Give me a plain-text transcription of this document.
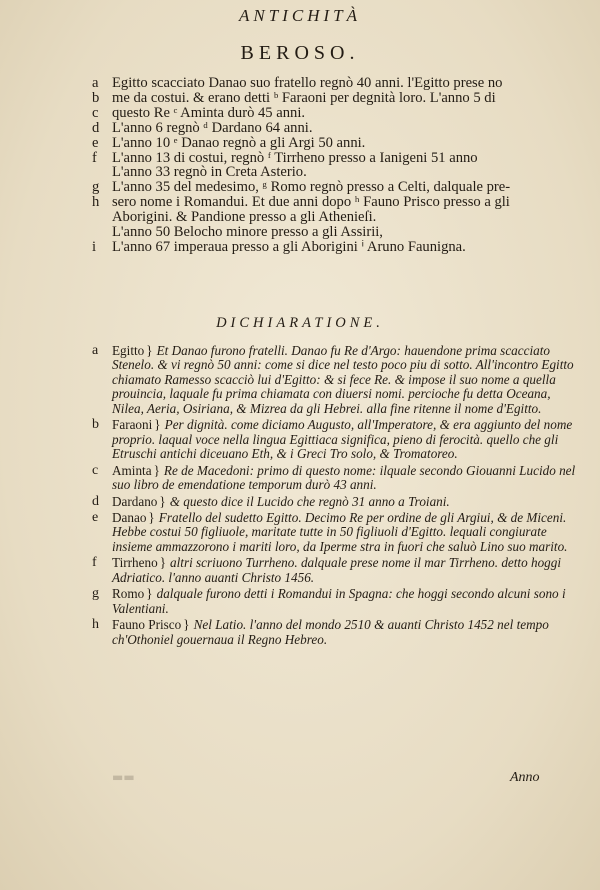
ANTICHITÀ
BEROSO.
a Egitto scacciato Danao suo fratello regnò 40 anni. l'Egitto prese no
b me da costui. & erano detti ᵇ Faraoni per degnità loro. L'anno 5 di
c questo Re ᶜ Aminta durò 45 anni.
d L'anno 6 regnò ᵈ Dardano 64 anni.
e L'anno 10 ᵉ Danao regnò a gli Argi 50 anni.
f	L'anno 13 di costui, regnò ᶠ Tirrheno presso a Ianigeni 51 anno
L'anno 33 regnò in Creta Asterio.
g L'anno 35 del medesimo, ᵍ Romo regnò presso a Celti, dalquale pre-
h sero nome i Romandui. Et due anni dopo ʰ Fauno Prisco presso a gli
Aborigini. & Pandione presso a gli Athenieſi.
L'anno 50 Belocho minore presso a gli Assirii,
i	L'anno 67 imperaua presso a gli Aborigini ⁱ Aruno Faunigna.
DICHIARATIONE.
a	Egitto } Et Danao furono fratelli. Danao fu Re d'Argo: hauendone prima scacciato Stenelo. & vi regnò 50 anni: come si dice nel testo poco piu di sotto. All'incontro Egitto chiamato Ramesso scacciò lui d'Egitto: & si fece Re. & impose il suo nome a quella prouincia, laquale fu prima chiamata con diuersi nomi. percioche fu detta Oceana, Nilea, Aeria, Osiriana, & Mizrea da gli Hebrei. alla fine ritenne il nome d'Egitto.
b Faraoni } Per dignità. come diciamo Augusto, all'Imperatore, & era aggiunto del nome proprio. laqual voce nella lingua Egittiaca significa, pieno di ferocità. quello che gli Etruschi antichi diceuano Eth, & i Greci Tro solo, & Tromatoreo.
c	Aminta } Re de Macedoni: primo di questo nome: ilquale secondo Giouanni Lucido nel suo libro de emendatione temporum durò 43 anni.
d Dardano } & questo dice il Lucido che regnò 31 anno a Troiani.
e	Danao } Fratello del sudetto Egitto. Decimo Re per ordine de gli Argiui, & de Miceni. Hebbe costui 50 figliuole, maritate tutte in 50 figliuoli d'Egitto. lequali congiurate insieme ammazzorono i mariti loro, da Iperme stra in fuori che saluò Lino suo marito.
f	Tirrheno } altri scriuono Turrheno. dalquale prese nome il mar Tirrheno. detto hoggi Adriatico. l'anno auanti Christo 1456.
g Romo } dalquale furono detti i Romandui in Spagna: che hoggi secondo alcuni sono i Valentiani.
h Fauno Prisco } Nel Latio. l'anno del mondo 2510 & auanti Christo 1452 nel tempo ch'Othoniel gouernaua il Regno Hebreo.
▬▬	Anno
